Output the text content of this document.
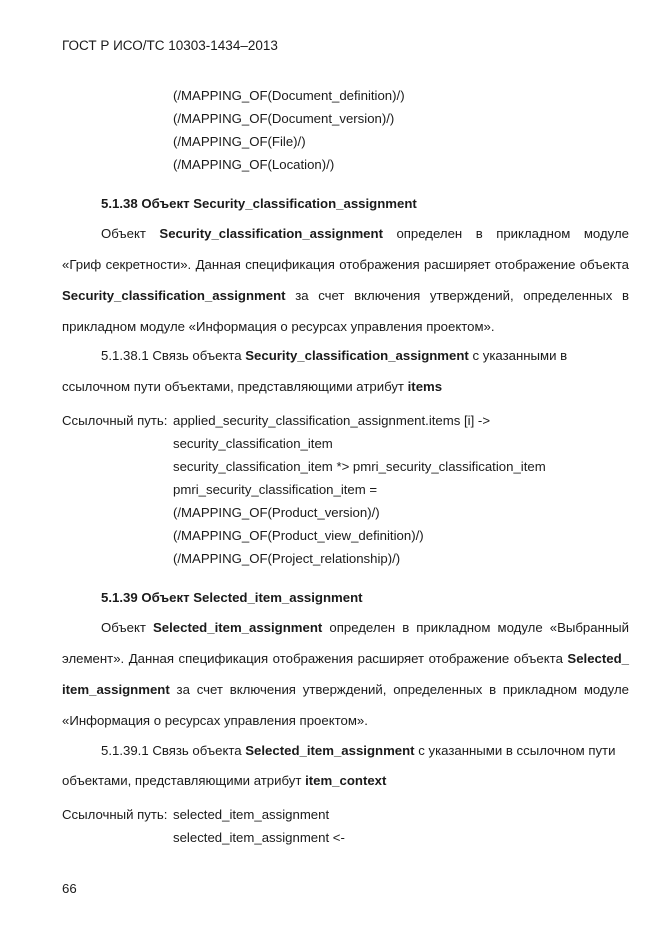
ГОСТ Р ИСО/ТС 10303-1434–2013
(/MAPPING_OF(Document_definition)/)
(/MAPPING_OF(Document_version)/)
(/MAPPING_OF(File)/)
(/MAPPING_OF(Location)/)
5.1.38 Объект Security_classification_assignment
Объект Security_classification_assignment определен в прикладном модуле
«Гриф секретности». Данная спецификация отображения расширяет отображение объекта
Security_classification_assignment за счет включения утверждений, определенных в
прикладном модуле «Информация о ресурсах управления проектом».
5.1.38.1 Связь объекта Security_classification_assignment с указанными в
ссылочном пути объектами, представляющими атрибут items
Ссылочный путь: applied_security_classification_assignment.items [i] ->
security_classification_item
security_classification_item *> pmri_security_classification_item
pmri_security_classification_item =
(/MAPPING_OF(Product_version)/)
(/MAPPING_OF(Product_view_definition)/)
(/MAPPING_OF(Project_relationship)/)
5.1.39 Объект Selected_item_assignment
Объект Selected_item_assignment определен в прикладном модуле «Выбранный
элемент». Данная спецификация отображения расширяет отображение объекта Selected_
item_assignment за счет включения утверждений, определенных в прикладном модуле
«Информация о ресурсах управления проектом».
5.1.39.1 Связь объекта Selected_item_assignment с указанными в ссылочном пути
объектами, представляющими атрибут item_context
Ссылочный путь: selected_item_assignment
selected_item_assignment <-
66
